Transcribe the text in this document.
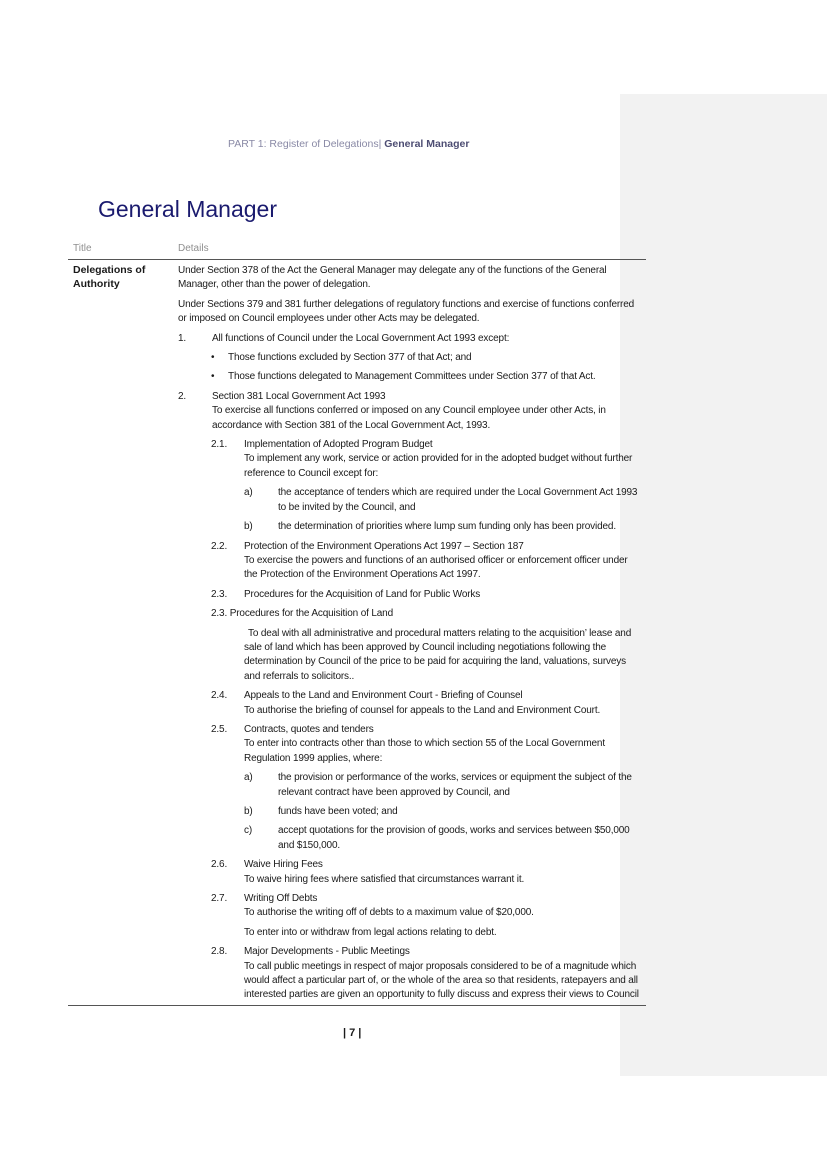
PART 1: Register of Delegations| General Manager
General Manager
Title	Details
Delegations of Authority

Under Section 378 of the Act the General Manager may delegate any of the functions of the General Manager, other than the power of delegation.

Under Sections 379 and 381 further delegations of regulatory functions and exercise of functions conferred or imposed on Council employees under other Acts may be delegated.

1.	All functions of Council under the Local Government Act 1993 except:
• Those functions excluded by Section 377 of that Act; and
• Those functions delegated to Management Committees under Section 377 of that Act.
2.	Section 381 Local Government Act 1993
To exercise all functions conferred or imposed on any Council employee under other Acts, in accordance with Section 381 of the Local Government Act, 1993.
2.1. Implementation of Adopted Program Budget
To implement any work, service or action provided for in the adopted budget without further reference to Council except for:
a)	the acceptance of tenders which are required under the Local Government Act 1993 to be invited by the Council, and
b)	the determination of priorities where lump sum funding only has been provided.
2.2. Protection of the Environment Operations Act 1997 – Section 187
To exercise the powers and functions of an authorised officer or enforcement officer under the Protection of the Environment Operations Act 1997.
2.3. Procedures for the Acquisition of Land for Public Works
2.3. Procedures for the Acquisition of Land
To deal with all administrative and procedural matters relating to the acquisition’ lease and sale of land which has been approved by Council including negotiations following the determination by Council of the price to be paid for acquiring the land, valuations, surveys and referrals to solicitors..
2.4. Appeals to the Land and Environment Court - Briefing of Counsel
To authorise the briefing of counsel for appeals to the Land and Environment Court.
2.5. Contracts, quotes and tenders
To enter into contracts other than those to which section 55 of the Local Government Regulation 1999 applies, where:
a)	the provision or performance of the works, services or equipment the subject of the relevant contract have been approved by Council, and
b)	funds have been voted; and
c)	accept quotations for the provision of goods, works and services between $50,000 and $150,000.
2.6. Waive Hiring Fees
To waive hiring fees where satisfied that circumstances warrant it.
2.7. Writing Off Debts
To authorise the writing off of debts to a maximum value of $20,000.
To enter into or withdraw from legal actions relating to debt.
2.8. Major Developments - Public Meetings
To call public meetings in respect of major proposals considered to be of a magnitude which would affect a particular part of, or the whole of the area so that residents, ratepayers and all interested parties are given an opportunity to fully discuss and express their views to Council
| 7 |
